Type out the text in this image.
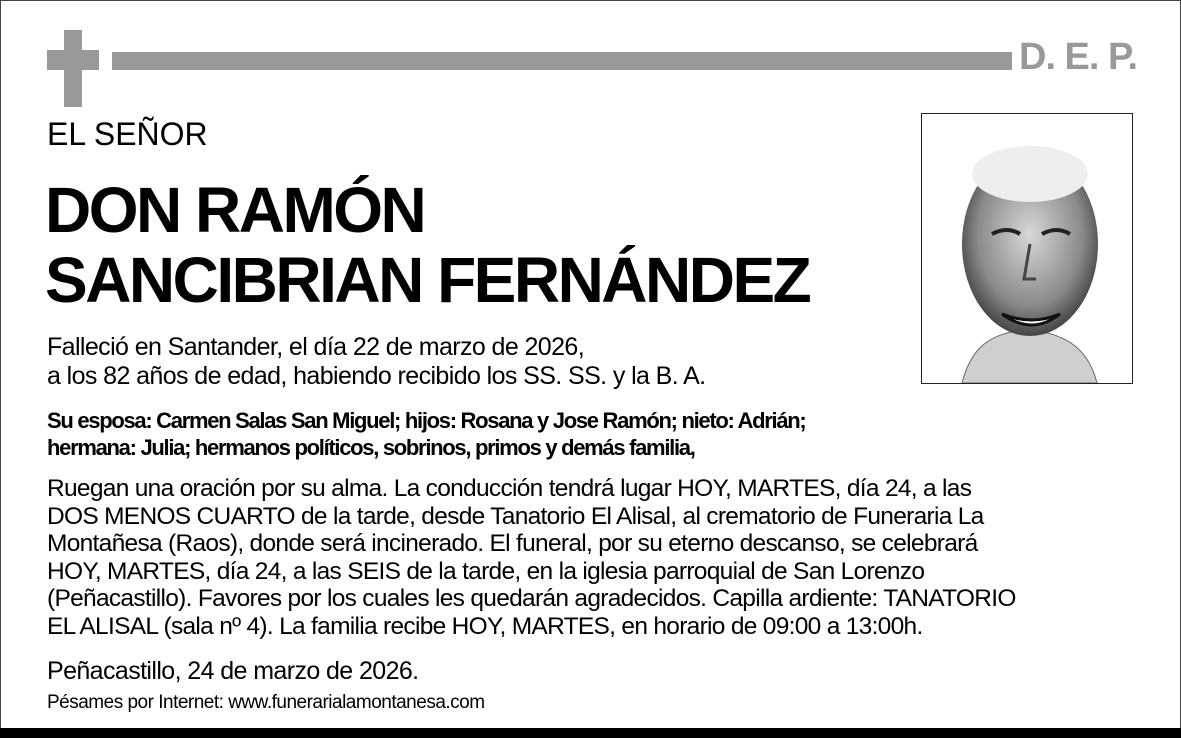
D. E. P.
EL SEÑOR
DON RAMÓN
SANCIBRIAN FERNÁNDEZ
Falleció en Santander, el día 22 de marzo de 2026,
a los 82 años de edad, habiendo recibido los SS. SS. y la B. A.
Su esposa: Carmen Salas San Miguel; hijos: Rosana y Jose Ramón; nieto: Adrián;
hermana: Julia; hermanos políticos, sobrinos, primos y demás familia,
Ruegan una oración por su alma. La conducción tendrá lugar HOY, MARTES, día 24, a las
DOS MENOS CUARTO de la tarde, desde Tanatorio El Alisal, al crematorio de Funeraria La
Montañesa (Raos), donde será incinerado. El funeral, por su eterno descanso, se celebrará
HOY, MARTES, día 24, a las SEIS de la tarde, en la iglesia parroquial de San Lorenzo
(Peñacastillo). Favores por los cuales les quedarán agradecidos. Capilla ardiente: TANATORIO
EL ALISAL (sala nº 4). La familia recibe HOY, MARTES, en horario de 09:00 a 13:00h.
Peñacastillo, 24 de marzo de 2026.
Pésames por Internet: www.funerarialamontanesa.com
